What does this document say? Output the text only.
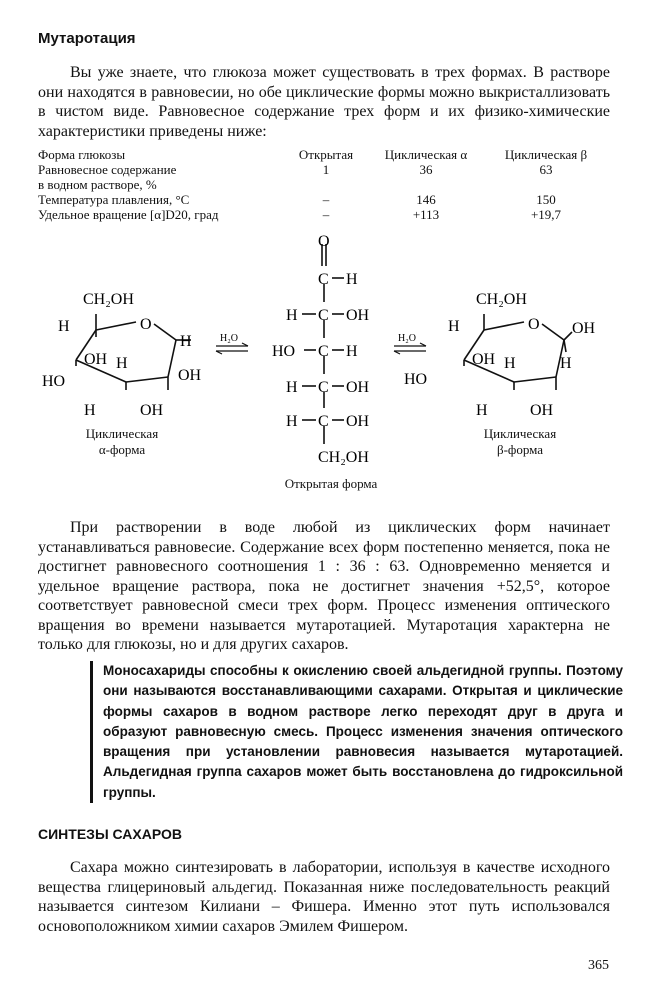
Мутаротация
Вы уже знаете, что глюкоза может существовать в трех формах. В растворе они находятся в равновесии, но обе циклические формы можно выкристаллизовать в чистом виде. Равновесное содержание трех форм и их физико-химические характеристики приведены ниже:
Форма глюкозы	Открытая	Циклическая α	Циклическая β
Равновесное содержание	1	36	63
в водном растворе, %			
Температура плавления, °С	–	146	150
Удельное вращение [α]D20, град	–	+113	+19,7
CH₂OH
O
H
OH
H
HO
H
OH
H	OH
Циклическая
α-форма
H₂O
O
C H
H C OH
HO C H
H C OH
H C OH
CH₂OH
Открытая форма
H₂O
CH₂OH
O
H	OH
OH	H
HO
H
H	OH
Циклическая
β-форма
При растворении в воде любой из циклических форм начинает устанавливаться равновесие. Содержание всех форм постепенно меняется, пока не достигнет равновесного соотношения 1 : 36 : 63. Одновременно меняется и удельное вращение раствора, пока не достигнет значения +52,5°, которое соответствует равновесной смеси трех форм. Процесс изменения оптического вращения во времени называется мутаротацией. Мутаротация характерна не только для глюкозы, но и для других сахаров.
Моносахариды способны к окислению своей альдегидной группы. Поэтому они называются восстанавливающими сахарами. Открытая и циклические формы сахаров в водном растворе легко переходят друг в друга и образуют равновесную смесь. Процесс изменения значения оптического вращения при установлении равновесия называется мутаротацией. Альдегидная группа сахаров может быть восстановлена до гидроксильной группы.
СИНТЕЗЫ САХАРОВ
Сахара можно синтезировать в лаборатории, используя в качестве исходного вещества глицериновый альдегид. Показанная ниже последовательность реакций называется синтезом Килиани – Фишера. Именно этот путь использовался основоположником химии сахаров Эмилем Фишером.
365
